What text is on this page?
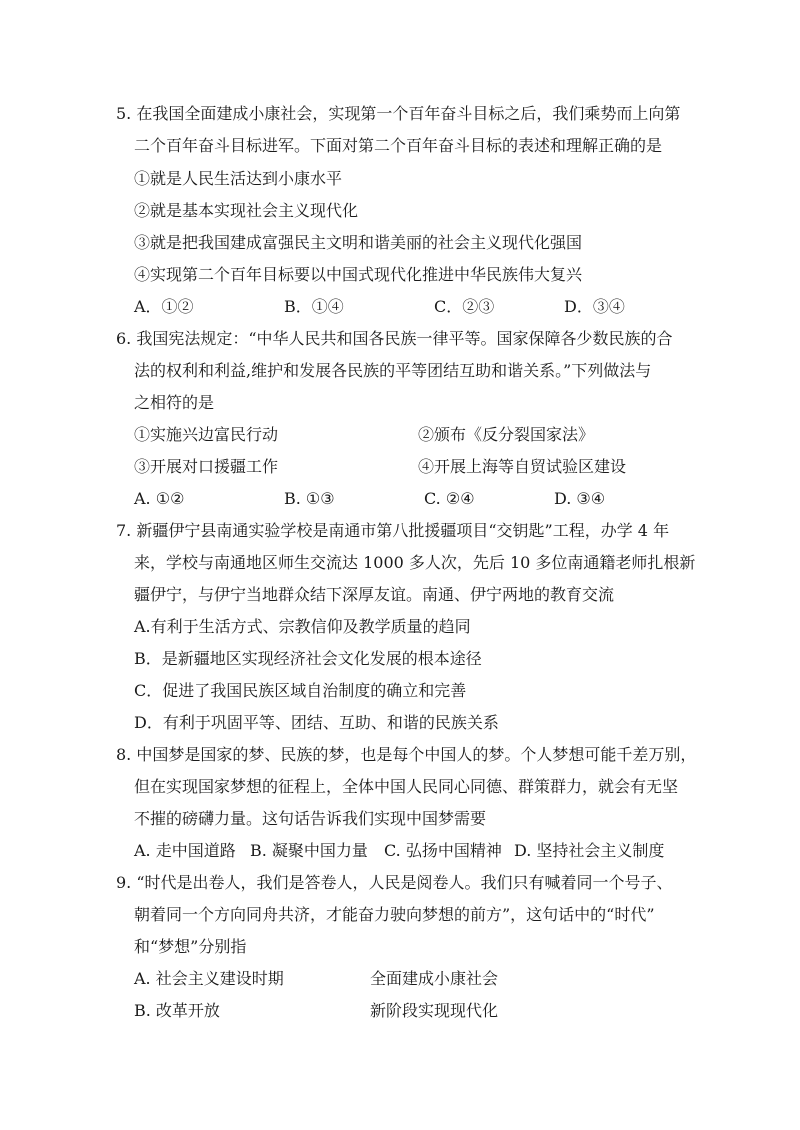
5. 在我国全面建成小康社会，实现第一个百年奋斗目标之后，我们乘势而上向第
二个百年奋斗目标进军。下面对第二个百年奋斗目标的表述和理解正确的是
①就是人民生活达到小康水平
②就是基本实现社会主义现代化
③就是把我国建成富强民主文明和谐美丽的社会主义现代化强国
④实现第二个百年目标要以中国式现代化推进中华民族伟大复兴
A．①②	B．①④	C．②③	D．③④
6. 我国宪法规定：“中华人民共和国各民族一律平等。国家保障各少数民族的合
法的权利和利益,维护和发展各民族的平等团结互助和谐关系。”下列做法与
之相符的是
①实施兴边富民行动	②颁布《反分裂国家法》
③开展对口援疆工作	④开展上海等自贸试验区建设
A. ①②	B. ①③	C. ②④	D. ③④
7. 新疆伊宁县南通实验学校是南通市第八批援疆项目“交钥匙”工程，办学 4 年
来，学校与南通地区师生交流达 1000 多人次，先后 10 多位南通籍老师扎根新
疆伊宁，与伊宁当地群众结下深厚友谊。南通、伊宁两地的教育交流
A.有利于生活方式、宗教信仰及教学质量的趋同
B．是新疆地区实现经济社会文化发展的根本途径
C．促进了我国民族区域自治制度的确立和完善
D．有利于巩固平等、团结、互助、和谐的民族关系
8. 中国梦是国家的梦、民族的梦，也是每个中国人的梦。个人梦想可能千差万别，
但在实现国家梦想的征程上，全体中国人民同心同德、群策群力，就会有无坚
不摧的磅礴力量。这句话告诉我们实现中国梦需要
A. 走中国道路 B. 凝聚中国力量 C. 弘扬中国精神 D. 坚持社会主义制度
9. “时代是出卷人，我们是答卷人，人民是阅卷人。我们只有喊着同一个号子、
朝着同一个方向同舟共济，才能奋力驶向梦想的前方”，这句话中的“时代”
和“梦想”分别指
A. 社会主义建设时期	全面建成小康社会
B. 改革开放	新阶段实现现代化
